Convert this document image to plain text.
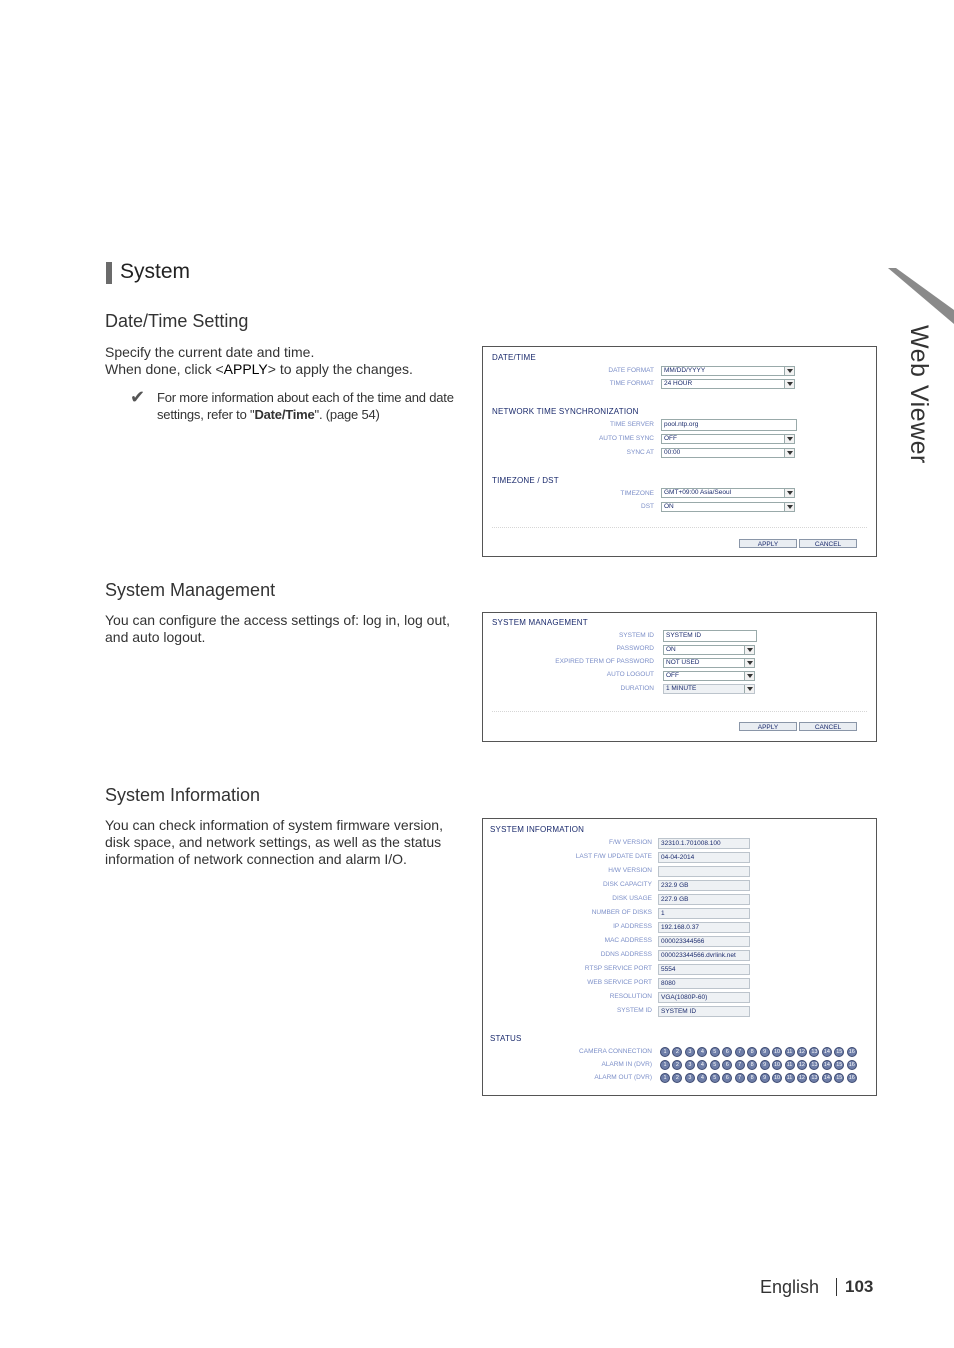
Web Viewer
System
Date/Time Setting
Specify the current date and time.
When done, click <APPLY> to apply the changes.
✔ For more information about each of the time and date settings, refer to "Date/Time". (page 54)
DATE/TIME
DATE FORMAT	MM/DD/YYYY
TIME FORMAT	24 HOUR
NETWORK TIME SYNCHRONIZATION
TIME SERVER	pool.ntp.org
AUTO TIME SYNC	OFF
SYNC AT	00:00
TIMEZONE / DST
TIMEZONE	GMT+09:00 Asia/Seoul
DST	ON
APPLY	CANCEL
System Management
You can configure the access settings of: log in, log out, and auto logout.
SYSTEM MANAGEMENT
SYSTEM ID	SYSTEM ID
PASSWORD	ON
EXPIRED TERM OF PASSWORD	NOT USED
AUTO LOGOUT	OFF
DURATION	1 MINUTE
APPLY	CANCEL
System Information
You can check information of system firmware version, disk space, and network settings, as well as the status information of network connection and alarm I/O.
SYSTEM INFORMATION
F/W VERSION	32310.1.701008.100
LAST F/W UPDATE DATE	04-04-2014
H/W VERSION
DISK CAPACITY	232.9 GB
DISK USAGE	227.9 GB
NUMBER OF DISKS	1
IP ADDRESS	192.168.0.37
MAC ADDRESS	000023344566
DDNS ADDRESS	000023344566.dvrlink.net
RTSP SERVICE PORT	5554
WEB SERVICE PORT	8080
RESOLUTION	VGA(1080P-60)
SYSTEM ID	SYSTEM ID
STATUS
CAMERA CONNECTION	1	2	3	4	5	6	7	8	9	10	11	12	13	14	15	16
ALARM IN (DVR)	1	2	3	4	5	6	7	8	9	10	11	12	13	14	15	16
ALARM OUT (DVR)	1	2	3	4	5	6	7	8	9	10	11	12	13	14	15	16
English 103
